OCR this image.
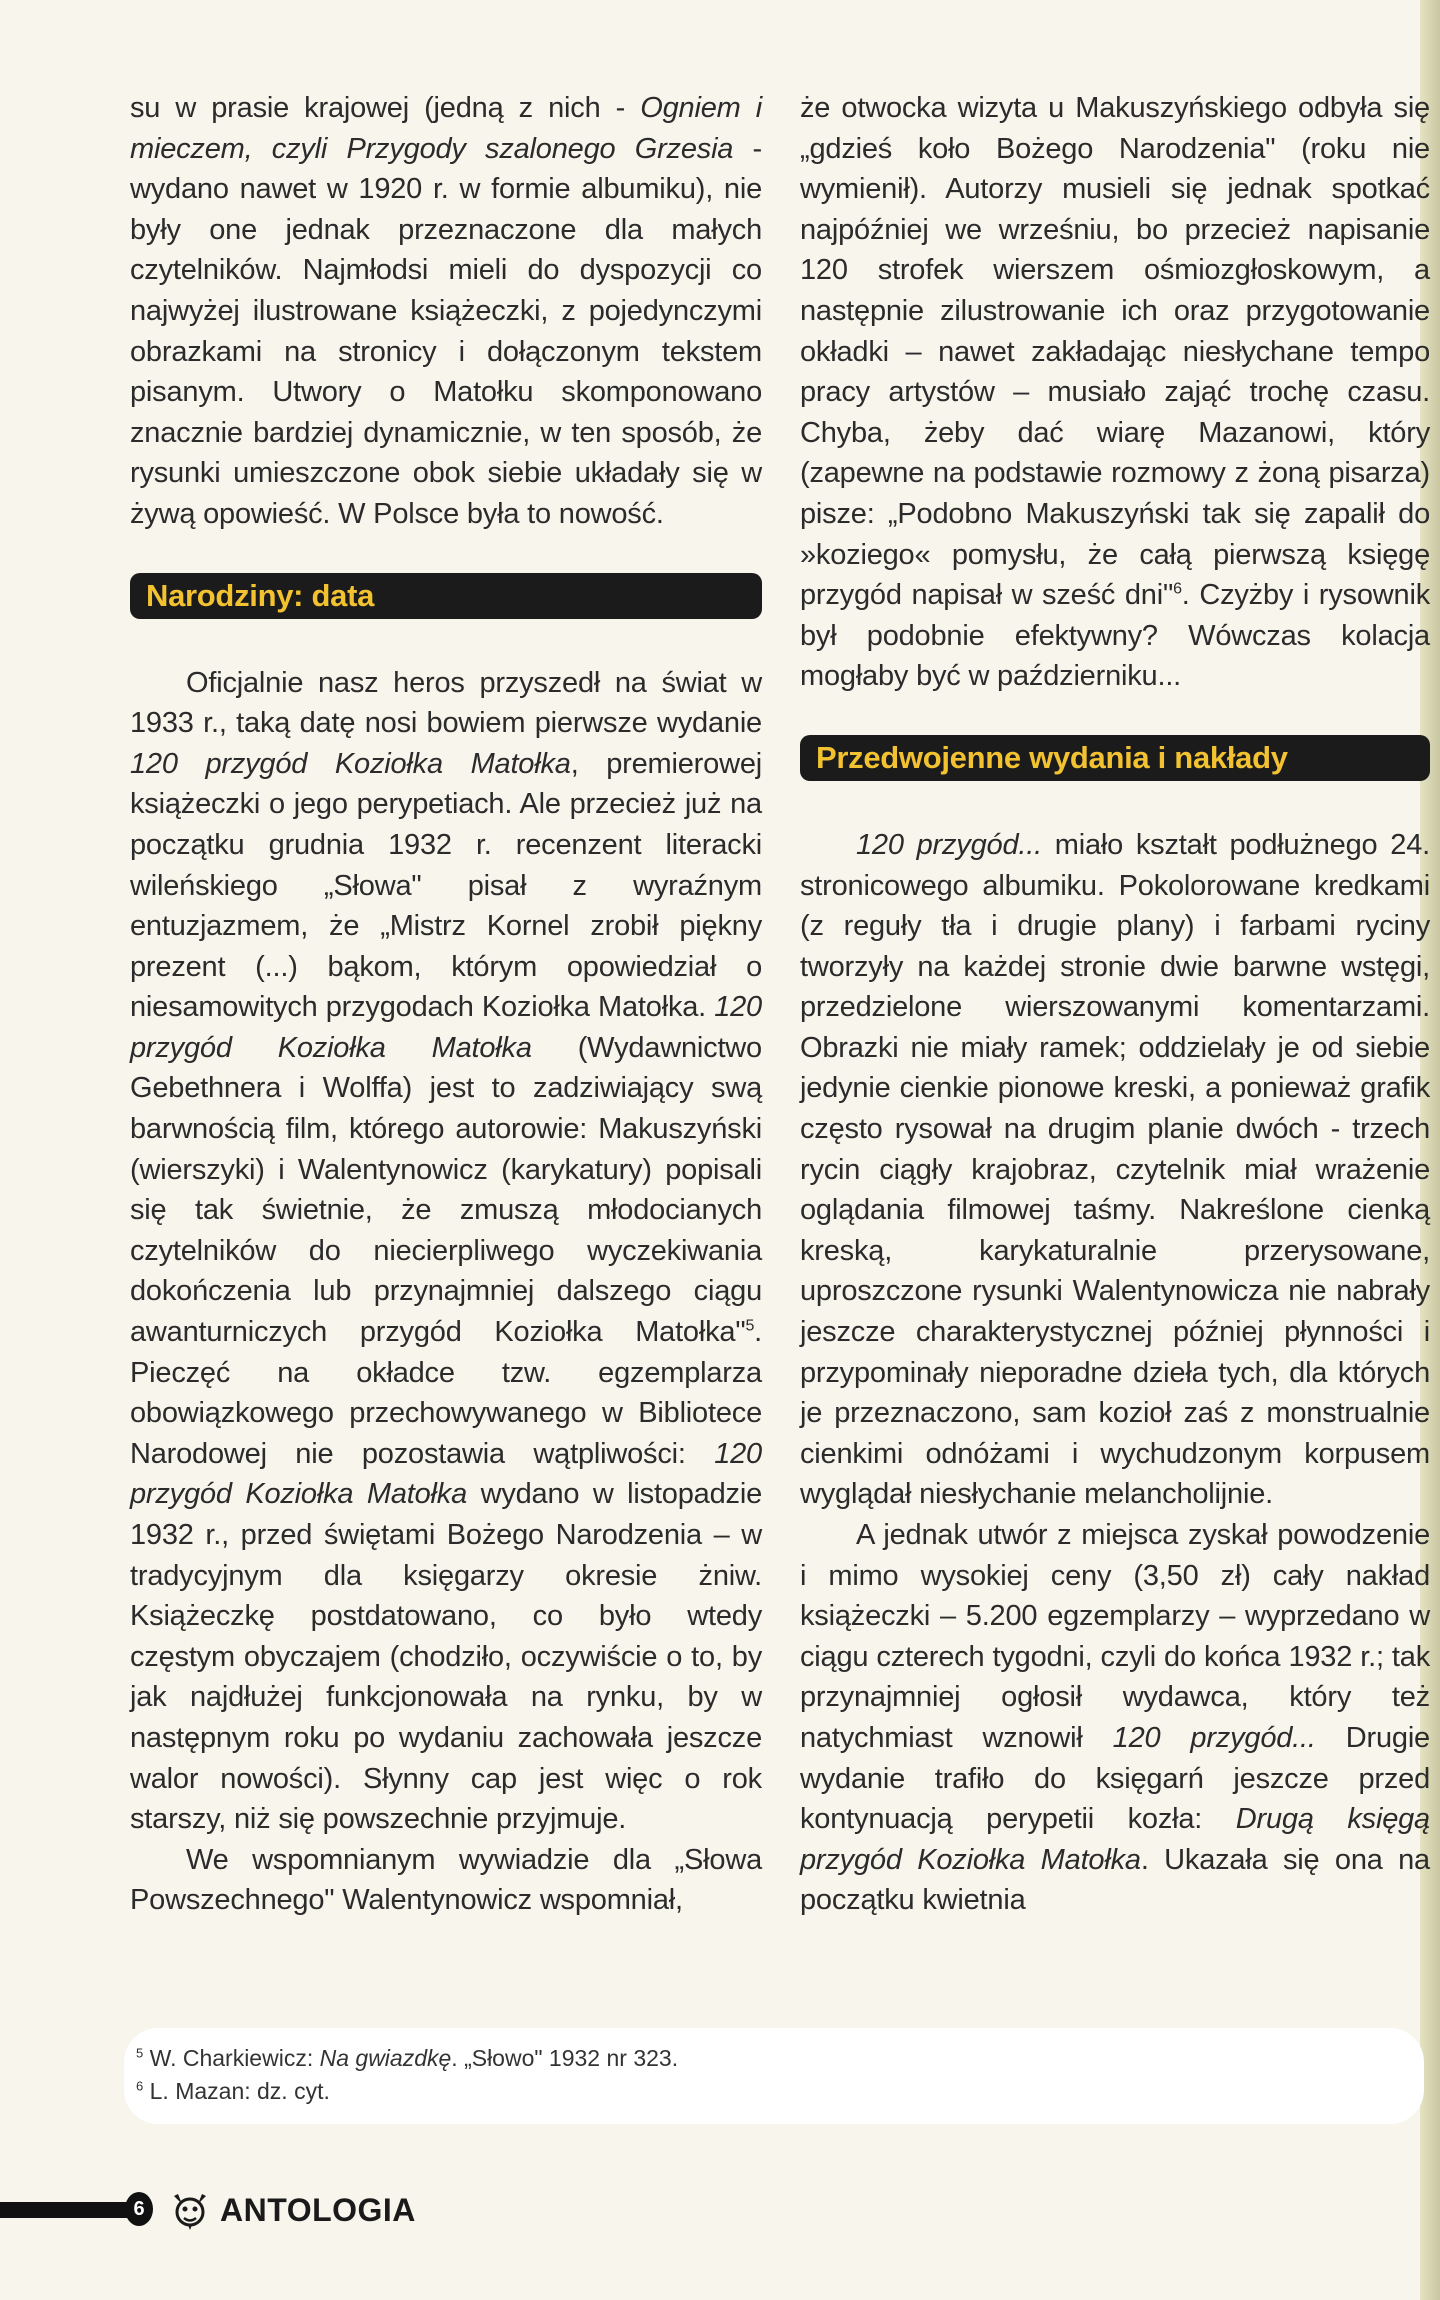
su w prasie krajowej (jedną z nich - Ogniem i mieczem, czyli Przygody szalonego Grzesia - wydano nawet w 1920 r. w formie albumiku), nie były one jednak przeznaczone dla małych czytelników. Najmłodsi mieli do dyspozycji co najwyżej ilustrowane książeczki, z pojedynczymi obrazkami na stronicy i dołączonym tekstem pisanym. Utwory o Matołku skomponowano znacznie bardziej dynamicznie, w ten sposób, że rysunki umieszczone obok siebie układały się w żywą opowieść. W Polsce była to nowość.

Narodziny: data

Oficjalnie nasz heros przyszedł na świat w 1933 r., taką datę nosi bowiem pierwsze wydanie 120 przygód Koziołka Matołka, premierowej książeczki o jego perypetiach. Ale przecież już na początku grudnia 1932 r. recenzent literacki wileńskiego „Słowa" pisał z wyraźnym entuzjazmem, że „Mistrz Kornel zrobił piękny prezent (...) bąkom, którym opowiedział o niesamowitych przygodach Koziołka Matołka. 120 przygód Koziołka Matołka (Wydawnictwo Gebethnera i Wolffa) jest to zadziwiający swą barwnością film, którego autorowie: Makuszyński (wierszyki) i Walentynowicz (karykatury) popisali się tak świetnie, że zmuszą młodocianych czytelników do niecierpliwego wyczekiwania dokończenia lub przynajmniej dalszego ciągu awanturniczych przygód Koziołka Matołka"$^5$. Pieczęć na okładce tzw. egzemplarza obowiązkowego przechowywanego w Bibliotece Narodowej nie pozostawia wątpliwości: 120 przygód Koziołka Matołka wydano w listopadzie 1932 r., przed świętami Bożego Narodzenia – w tradycyjnym dla księgarzy okresie żniw. Książeczkę postdatowano, co było wtedy częstym obyczajem (chodziło, oczywiście o to, by jak najdłużej funkcjonowała na rynku, by w następnym roku po wydaniu zachowała jeszcze walor nowości). Słynny cap jest więc o rok starszy, niż się powszechnie przyjmuje.

We wspomnianym wywiadzie dla „Słowa Powszechnego" Walentynowicz wspomniał,

że otwocka wizyta u Makuszyńskiego odbyła się „gdzieś koło Bożego Narodzenia" (roku nie wymienił). Autorzy musieli się jednak spotkać najpóźniej we wrześniu, bo przecież napisanie 120 strofek wierszem ośmiozgłoskowym, a następnie zilustrowanie ich oraz przygotowanie okładki – nawet zakładając niesłychane tempo pracy artystów – musiało zająć trochę czasu. Chyba, żeby dać wiarę Mazanowi, który (zapewne na podstawie rozmowy z żoną pisarza) pisze: „Podobno Makuszyński tak się zapalił do »koziego« pomysłu, że całą pierwszą księgę przygód napisał w sześć dni"$^6$. Czyżby i rysownik był podobnie efektywny? Wówczas kolacja mogłaby być w październiku...

Przedwojenne wydania i nakłady

120 przygód... miało kształt podłużnego 24. stronicowego albumiku. Pokolorowane kredkami (z reguły tła i drugie plany) i farbami ryciny tworzyły na każdej stronie dwie barwne wstęgi, przedzielone wierszowanymi komentarzami. Obrazki nie miały ramek; oddzielały je od siebie jedynie cienkie pionowe kreski, a ponieważ grafik często rysował na drugim planie dwóch - trzech rycin ciągły krajobraz, czytelnik miał wrażenie oglądania filmowej taśmy. Nakreślone cienką kreską, karykaturalnie przerysowane, uproszczone rysunki Walentynowicza nie nabrały jeszcze charakterystycznej później płynności i przypominały nieporadne dzieła tych, dla których je przeznaczono, sam kozioł zaś z monstrualnie cienkimi odnóżami i wychudzonym korpusem wyglądał niesłychanie melancholijnie.

A jednak utwór z miejsca zyskał powodzenie i mimo wysokiej ceny (3,50 zł) cały nakład książeczki – 5.200 egzemplarzy – wyprzedano w ciągu czterech tygodni, czyli do końca 1932 r.; tak przynajmniej ogłosił wydawca, który też natychmiast wznowił 120 przygód... Drugie wydanie trafiło do księgarń jeszcze przed kontynuacją perypetii kozła: Drugą księgą przygód Koziołka Matołka. Ukazała się ona na początku kwietnia

$^5$ W. Charkiewicz: Na gwiazdkę. „Słowo" 1932 nr 323.
$^6$ L. Mazan: dz. cyt.
6 ANTOLOGIA
